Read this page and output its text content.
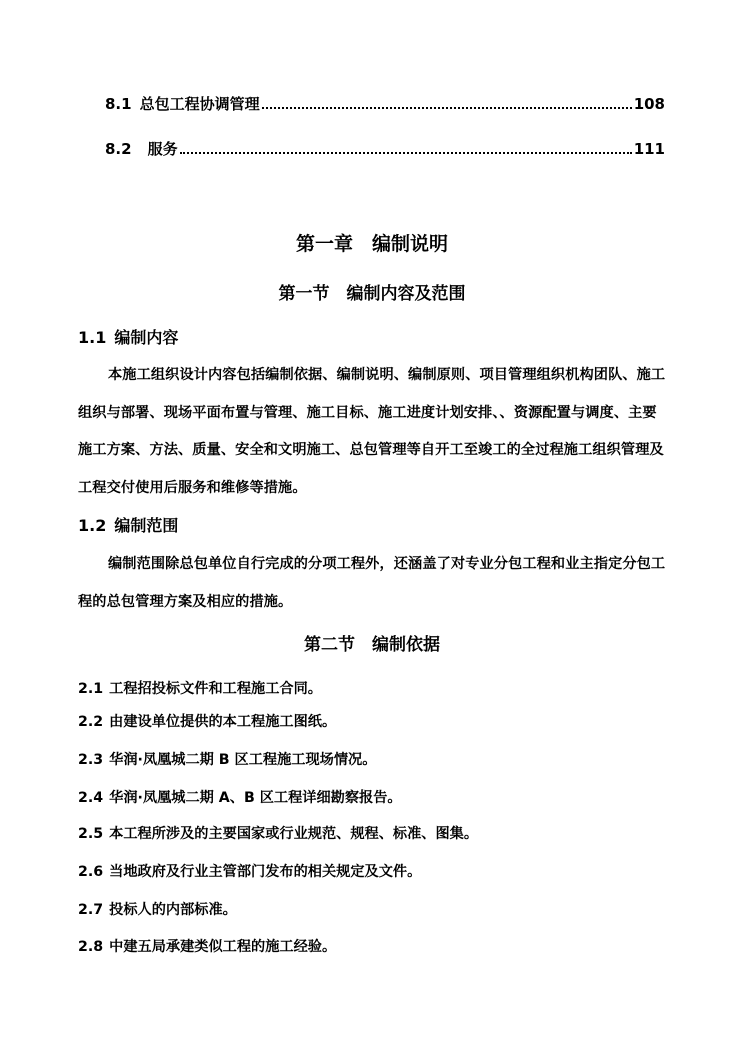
8.1 总包工程协调管理	108
8.2 服务	111
第一章　编制说明
第一节　编制内容及范围
1.1 编制内容
本施工组织设计内容包括编制依据、编制说明、编制原则、项目管理组织机构团队、施工组织与部署、现场平面布置与管理、施工目标、施工进度计划安排、、资源配置与调度、主要施工方案、方法、质量、安全和文明施工、总包管理等自开工至竣工的全过程施工组织管理及工程交付使用后服务和维修等措施。
1.2 编制范围
编制范围除总包单位自行完成的分项工程外，还涵盖了对专业分包工程和业主指定分包工程的总包管理方案及相应的措施。
第二节　编制依据
2.1 工程招投标文件和工程施工合同。
2.2 由建设单位提供的本工程施工图纸。
2.3 华润·凤凰城二期 B 区工程施工现场情况。
2.4 华润·凤凰城二期 A、B 区工程详细勘察报告。
2.5 本工程所涉及的主要国家或行业规范、规程、标准、图集。
2.6 当地政府及行业主管部门发布的相关规定及文件。
2.7 投标人的内部标准。
2.8 中建五局承建类似工程的施工经验。
